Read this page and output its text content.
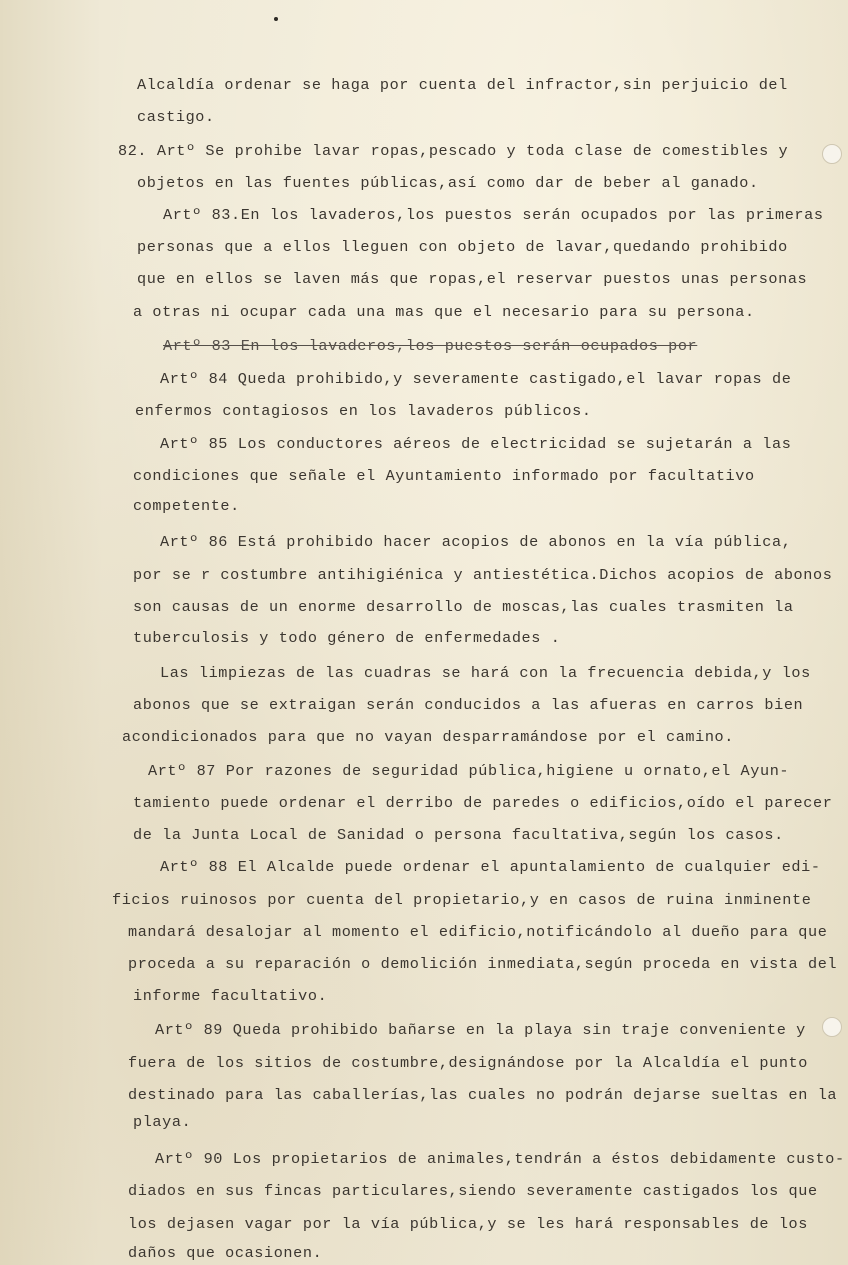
Alcaldía ordenar se haga por cuenta del infractor,sin perjuicio del
castigo.
82. Artº Se prohibe lavar ropas,pescado y toda clase de comestibles y
objetos en las fuentes públicas,así como dar de beber al ganado.
Artº 83.En los lavaderos,los puestos serán ocupados por las primeras
personas que a ellos lleguen con objeto de lavar,quedando prohibido
que en ellos se laven más que ropas,el reservar puestos unas personas
a otras ni ocupar cada una mas que el necesario para su persona.
Artº 83 En los lavaderos,los puestos serán ocupados por
Artº 84 Queda prohibido,y severamente castigado,el lavar ropas de
enfermos contagiosos en los lavaderos públicos.
Artº 85 Los conductores aéreos de electricidad se sujetarán a las
condiciones que señale el Ayuntamiento informado por facultativo
competente.
Artº 86 Está prohibido hacer acopios de abonos en la vía pública,
por se r costumbre antihigiénica y antiestética.Dichos acopios de abonos
son causas de un enorme desarrollo de moscas,las cuales trasmiten la
tuberculosis y todo género de enfermedades .
Las limpiezas de las cuadras se hará con la frecuencia debida,y los
abonos que se extraigan serán conducidos a las afueras en carros bien
acondicionados para que no vayan desparramándose por el camino.
Artº 87 Por razones de seguridad pública,higiene u ornato,el Ayun-
tamiento puede ordenar el derribo de paredes o edificios,oído el parecer
de la Junta Local de Sanidad o persona facultativa,según los casos.
Artº 88 El Alcalde puede ordenar el apuntalamiento de cualquier edi-
ficios ruinosos por cuenta del propietario,y en casos de ruina inminente
mandará desalojar al momento el edificio,notificándolo al dueño para que
proceda a su reparación o demolición inmediata,según proceda en vista del
informe facultativo.
Artº 89 Queda prohibido bañarse en la playa sin traje conveniente y
fuera de los sitios de costumbre,designándose por la Alcaldía el punto
destinado para las caballerías,las cuales no podrán dejarse sueltas en la
playa.
Artº 90 Los propietarios de animales,tendrán a éstos debidamente custo-
diados en sus fincas particulares,siendo severamente castigados los que
los dejasen vagar por la vía pública,y se les hará responsables de los
daños que ocasionen.
